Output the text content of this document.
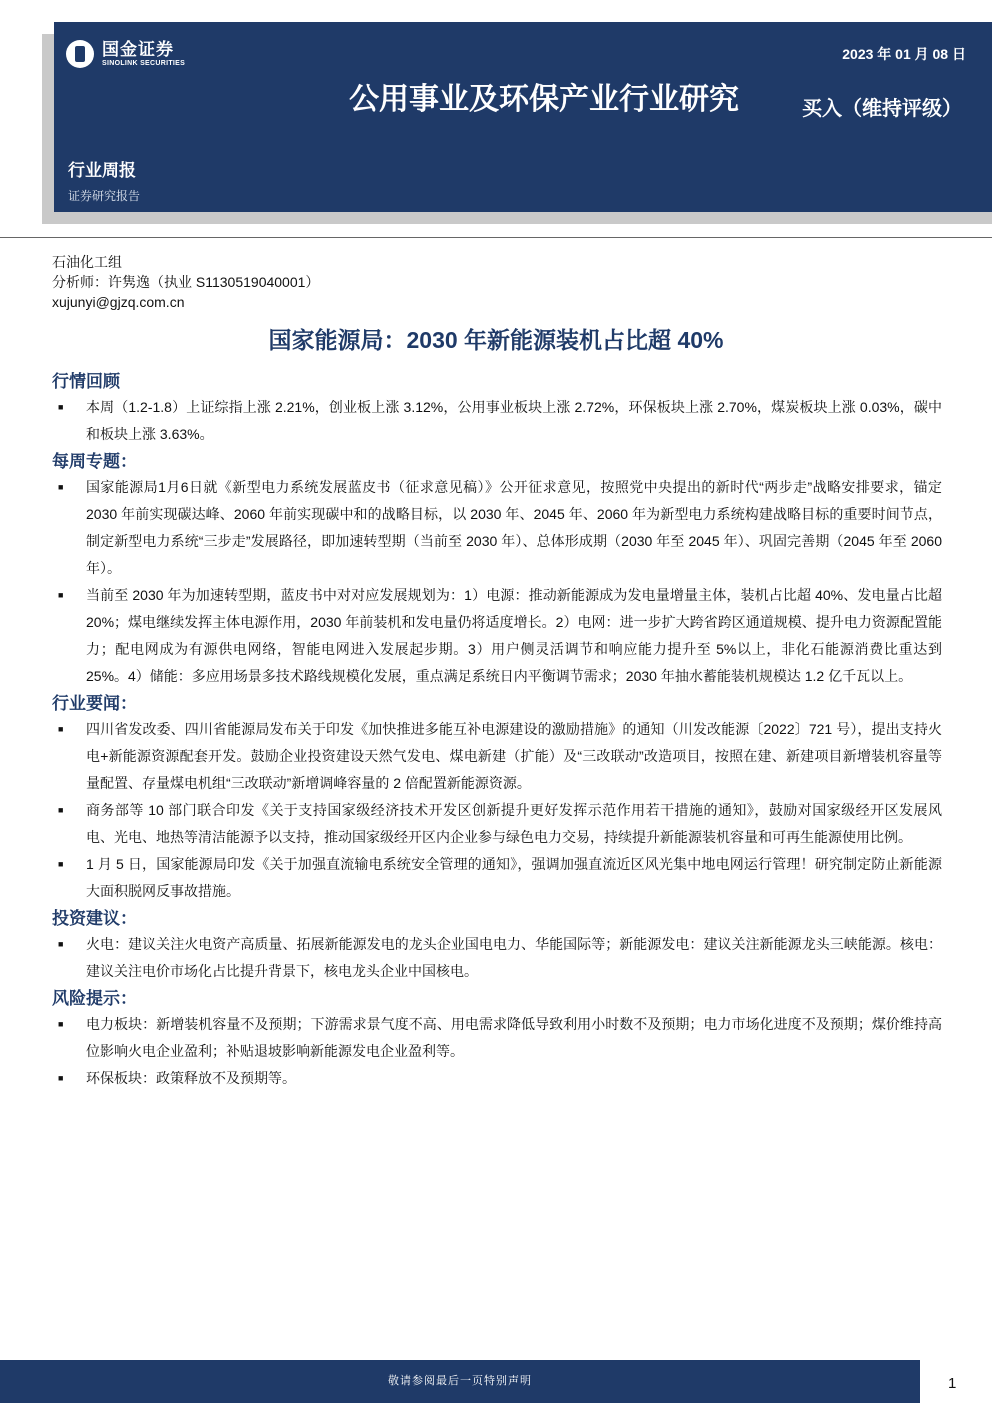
国金证券
SINOLINK SECURITIES
2023 年 01 月 08 日
公用事业及环保产业行业研究	买入（维持评级）
行业周报
证券研究报告
石油化工组
分析师：许隽逸（执业 S1130519040001）
xujunyi@gjzq.com.cn
国家能源局：2030 年新能源装机占比超 40%
行情回顾
■	本周（1.2-1.8）上证综指上涨 2.21%，创业板上涨 3.12%，公用事业板块上涨 2.72%，环保板块上涨 2.70%，煤炭板块上涨 0.03%，碳中和板块上涨 3.63%。
每周专题：
■	国家能源局1月6日就《新型电力系统发展蓝皮书（征求意见稿）》公开征求意见，按照党中央提出的新时代“两步走”战略安排要求，锚定 2030 年前实现碳达峰、2060 年前实现碳中和的战略目标，以 2030 年、2045 年、2060 年为新型电力系统构建战略目标的重要时间节点，制定新型电力系统“三步走”发展路径，即加速转型期（当前至 2030 年）、总体形成期（2030 年至 2045 年）、巩固完善期（2045 年至 2060 年）。
■	当前至 2030 年为加速转型期，蓝皮书中对对应发展规划为：1）电源：推动新能源成为发电量增量主体，装机占比超 40%、发电量占比超 20%；煤电继续发挥主体电源作用，2030 年前装机和发电量仍将适度增长。2）电网：进一步扩大跨省跨区通道规模、提升电力资源配置能力；配电网成为有源供电网络，智能电网进入发展起步期。3）用户侧灵活调节和响应能力提升至 5%以上，非化石能源消费比重达到 25%。4）储能：多应用场景多技术路线规模化发展，重点满足系统日内平衡调节需求；2030 年抽水蓄能装机规模达 1.2 亿千瓦以上。
行业要闻：
■	四川省发改委、四川省能源局发布关于印发《加快推进多能互补电源建设的激励措施》的通知（川发改能源〔2022〕721 号），提出支持火电+新能源资源配套开发。鼓励企业投资建设天然气发电、煤电新建（扩能）及“三改联动”改造项目，按照在建、新建项目新增装机容量等量配置、存量煤电机组“三改联动”新增调峰容量的 2 倍配置新能源资源。
■	商务部等 10 部门联合印发《关于支持国家级经济技术开发区创新提升更好发挥示范作用若干措施的通知》，鼓励对国家级经开区发展风电、光电、地热等清洁能源予以支持，推动国家级经开区内企业参与绿色电力交易，持续提升新能源装机容量和可再生能源使用比例。
■	1 月 5 日，国家能源局印发《关于加强直流输电系统安全管理的通知》，强调加强直流近区风光集中地电网运行管理！研究制定防止新能源大面积脱网反事故措施。
投资建议：
■	火电：建议关注火电资产高质量、拓展新能源发电的龙头企业国电电力、华能国际等；新能源发电：建议关注新能源龙头三峡能源。核电：建议关注电价市场化占比提升背景下，核电龙头企业中国核电。
风险提示：
■	电力板块：新增装机容量不及预期；下游需求景气度不高、用电需求降低导致利用小时数不及预期；电力市场化进度不及预期；煤价维持高位影响火电企业盈利；补贴退坡影响新能源发电企业盈利等。
■	环保板块：政策释放不及预期等。
敬请参阅最后一页特别声明	1
